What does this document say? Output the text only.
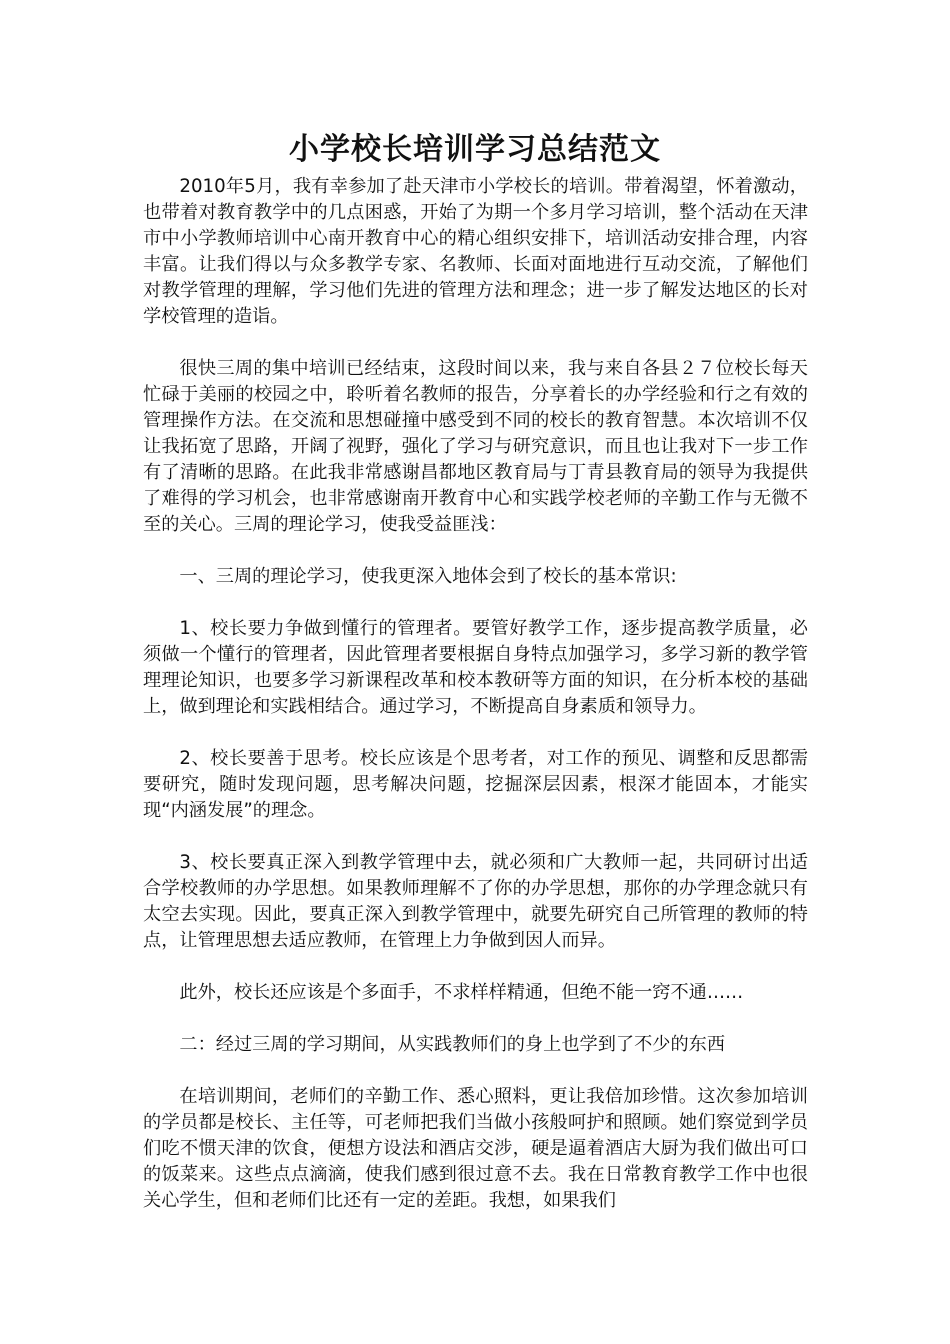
小学校长培训学习总结范文

2010年5月，我有幸参加了赴天津市小学校长的培训。带着渴望，怀着激动，也带着对教育教学中的几点困惑，开始了为期一个多月学习培训，整个活动在天津市中小学教师培训中心南开教育中心的精心组织安排下，培训活动安排合理，内容丰富。让我们得以与众多教学专家、名教师、长面对面地进行互动交流，了解他们对教学管理的理解，学习他们先进的管理方法和理念；进一步了解发达地区的长对学校管理的造诣。

很快三周的集中培训已经结束，这段时间以来，我与来自各县２７位校长每天忙碌于美丽的校园之中，聆听着名教师的报告，分享着长的办学经验和行之有效的管理操作方法。在交流和思想碰撞中感受到不同的校长的教育智慧。本次培训不仅让我拓宽了思路，开阔了视野，强化了学习与研究意识，而且也让我对下一步工作有了清晰的思路。在此我非常感谢昌都地区教育局与丁青县教育局的领导为我提供了难得的学习机会，也非常感谢南开教育中心和实践学校老师的辛勤工作与无微不至的关心。三周的理论学习，使我受益匪浅：

一、三周的理论学习，使我更深入地体会到了校长的基本常识:

1、校长要力争做到懂行的管理者。要管好教学工作，逐步提高教学质量，必须做一个懂行的管理者，因此管理者要根据自身特点加强学习，多学习新的教学管理理论知识，也要多学习新课程改革和校本教研等方面的知识，在分析本校的基础上，做到理论和实践相结合。通过学习，不断提高自身素质和领导力。

2、校长要善于思考。校长应该是个思考者，对工作的预见、调整和反思都需要研究，随时发现问题，思考解决问题，挖掘深层因素，根深才能固本，才能实现“内涵发展”的理念。

3、校长要真正深入到教学管理中去，就必须和广大教师一起，共同研讨出适合学校教师的办学思想。如果教师理解不了你的办学思想，那你的办学理念就只有太空去实现。因此，要真正深入到教学管理中，就要先研究自己所管理的教师的特点，让管理思想去适应教师，在管理上力争做到因人而异。

此外，校长还应该是个多面手，不求样样精通，但绝不能一窍不通……

二：经过三周的学习期间，从实践教师们的身上也学到了不少的东西

在培训期间，老师们的辛勤工作、悉心照料，更让我倍加珍惜。这次参加培训的学员都是校长、主任等，可老师把我们当做小孩般呵护和照顾。她们察觉到学员们吃不惯天津的饮食，便想方设法和酒店交涉，硬是逼着酒店大厨为我们做出可口的饭菜来。这些点点滴滴，使我们感到很过意不去。我在日常教育教学工作中也很关心学生，但和老师们比还有一定的差距。我想，如果我们
